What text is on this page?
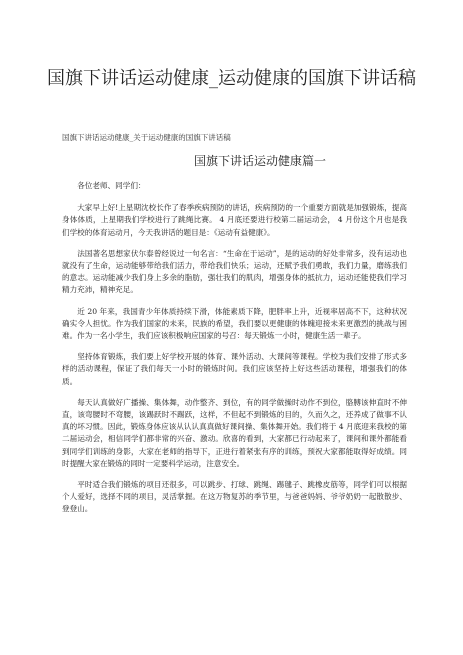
国旗下讲话运动健康_运动健康的国旗下讲话稿
国旗下讲话运动健康_关于运动健康的国旗下讲话稿
国旗下讲话运动健康篇一

各位老师、同学们：

大家早上好!上星期沈校长作了春季疾病预防的讲话，疾病预防的一个重要方面就是加强锻炼，提高身体体质，上星期我们学校进行了跳绳比赛。 4 月底还要进行校第二届运动会， 4 月份这个月也是我们学校的体育运动月，今天我讲话的题目是：《运动有益健康》。

法国著名思想家伏尔泰曾经说过一句名言：“生命在于运动”，是的运动的好处非常多，没有运动也就没有了生命，运动能够带给我们活力，带给我们快乐；运动，还赋予我们勇敢，我们力量，磨练我们的意志。运动能减少我们身上多余的脂肪，强壮我们的肌肉，增强身体的抵抗力，运动还能使我们学习精力充沛，精神充足。

近 20 年来，我国青少年体质持续下滑，体能素质下降，肥胖率上升，近视率居高不下，这种状况确实令人担忧。作为我们国家的未来，民族的希望，我们要以更健康的体魄迎接未来更激烈的挑战与困难。作为一名小学生，我们应该积极响应国家的号召：每天锻炼一小时，健康生活一辈子。

坚持体育锻炼，我们要上好学校开展的体育、课外活动、大课间等课程。学校为我们安排了形式多样的活动课程，保证了我们每天一小时的锻炼时间。我们应该坚持上好这些活动课程，增强我们的体质。

每天认真做好广播操、集体舞，动作整齐、到位，有的同学做操时动作不到位，胳膊该伸直时不伸直，该弯腰时不弯腰，该踢跃时不踢跃，这样，不但起不到锻炼的目的，久而久之，还养成了做事不认真的坏习惯。因此，锻炼身体应该从认认真真做好课间操、集体舞开始。我们将于 4 月底迎来我校的第二届运动会，相信同学们都非常的兴奋、激动。欣喜的看到，大家都已行动起来了，课间和课外都能看到同学们训练的身影，大家在老师的指导下，正进行着紧张有序的训练，预祝大家都能取得好成绩。同时提醒大家在锻炼的同时一定要科学运动，注意安全。

平时适合我们锻炼的项目还很多，可以跳步、打球、跳绳、踢毽子、跳橡皮筋等，同学们可以根据个人爱好，选择不同的项目，灵活掌握。在这万物复苏的季节里，与爸爸妈妈、爷爷奶奶一起散散步、登登山。
